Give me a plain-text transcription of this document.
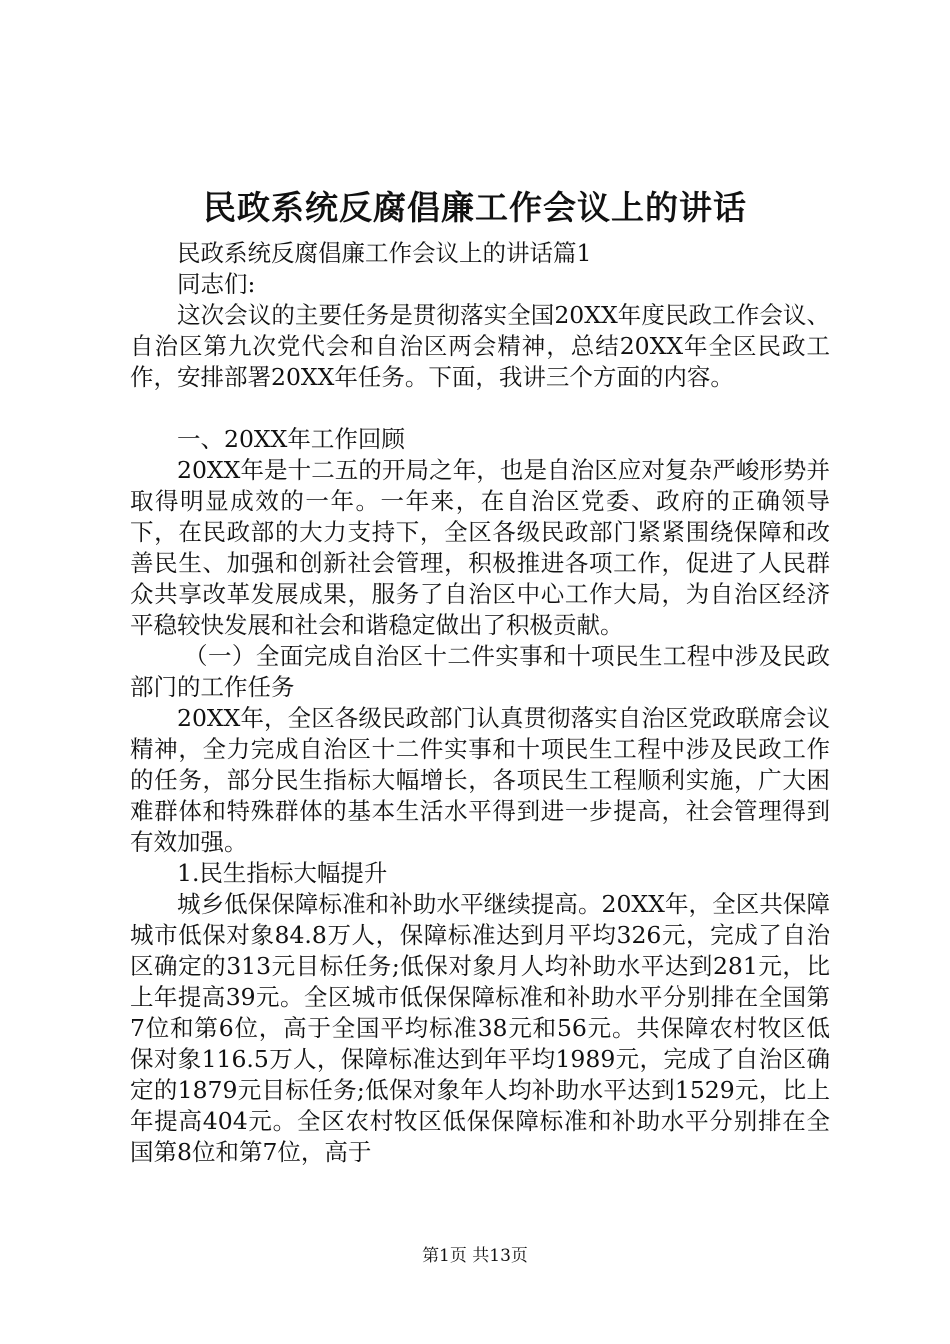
民政系统反腐倡廉工作会议上的讲话

民政系统反腐倡廉工作会议上的讲话篇1

同志们:

这次会议的主要任务是贯彻落实全国20XX年度民政工作会议、自治区第九次党代会和自治区两会精神，总结20XX年全区民政工作，安排部署20XX年任务。下面，我讲三个方面的内容。

一、20XX年工作回顾

20XX年是十二五的开局之年，也是自治区应对复杂严峻形势并取得明显成效的一年。一年来，在自治区党委、政府的正确领导下，在民政部的大力支持下，全区各级民政部门紧紧围绕保障和改善民生、加强和创新社会管理，积极推进各项工作，促进了人民群众共享改革发展成果，服务了自治区中心工作大局，为自治区经济平稳较快发展和社会和谐稳定做出了积极贡献。

（一）全面完成自治区十二件实事和十项民生工程中涉及民政部门的工作任务

20XX年，全区各级民政部门认真贯彻落实自治区党政联席会议精神，全力完成自治区十二件实事和十项民生工程中涉及民政工作的任务，部分民生指标大幅增长，各项民生工程顺利实施，广大困难群体和特殊群体的基本生活水平得到进一步提高，社会管理得到有效加强。

1.民生指标大幅提升

城乡低保保障标准和补助水平继续提高。20XX年，全区共保障城市低保对象84.8万人，保障标准达到月平均326元，完成了自治区确定的313元目标任务;低保对象月人均补助水平达到281元，比上年提高39元。全区城市低保保障标准和补助水平分别排在全国第7位和第6位，高于全国平均标准38元和56元。共保障农村牧区低保对象116.5万人，保障标准达到年平均1989元，完成了自治区确定的1879元目标任务;低保对象年人均补助水平达到1529元，比上年提高404元。全区农村牧区低保保障标准和补助水平分别排在全国第8位和第7位，高于

第1页 共13页
